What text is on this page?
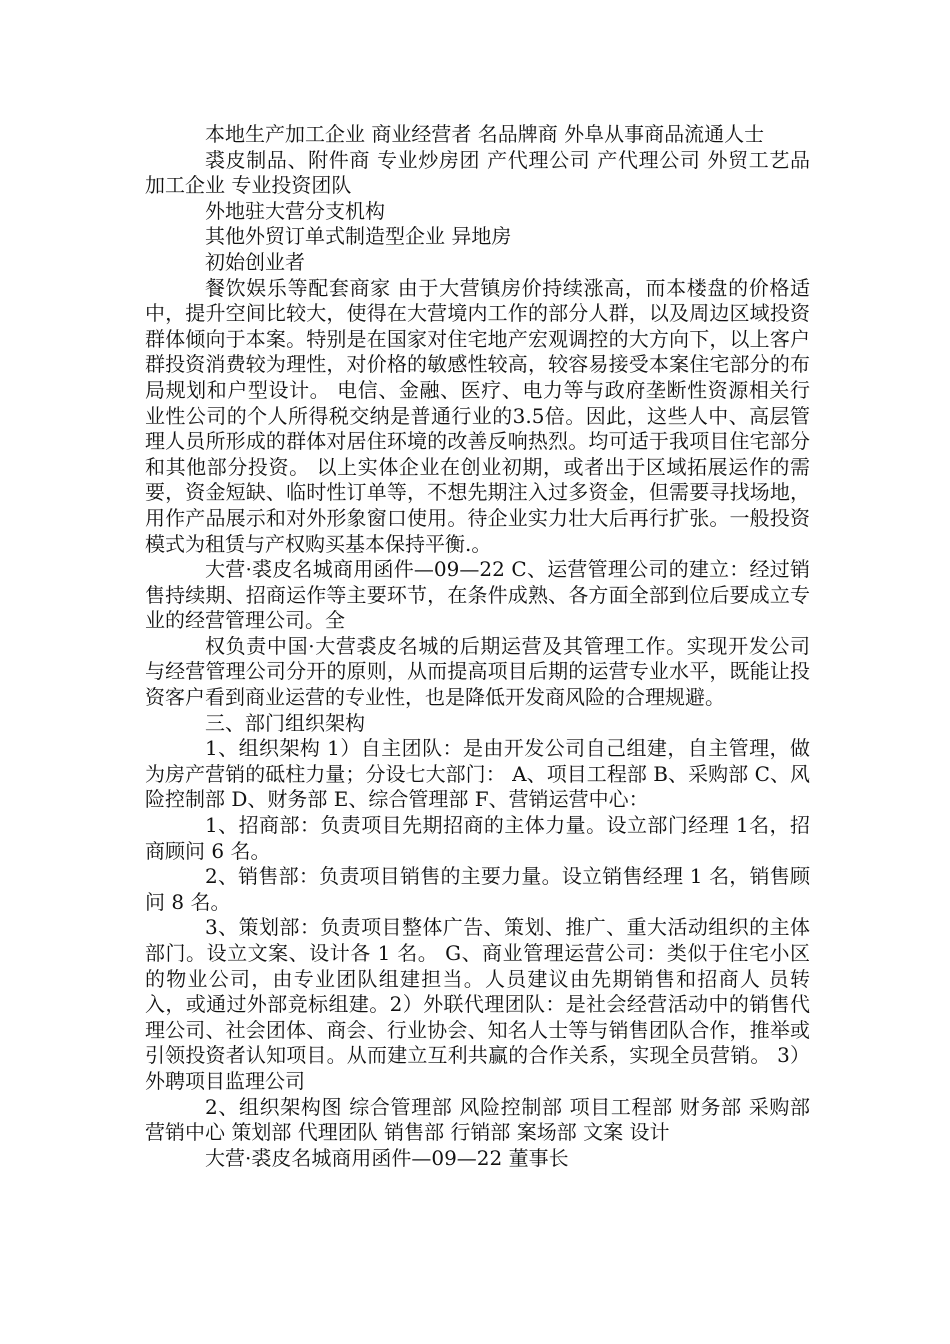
本地生产加工企业 商业经营者 名品牌商 外阜从事商品流通人士

裘皮制品、附件商 专业炒房团 产代理公司 产代理公司 外贸工艺品加工企业 专业投资团队

外地驻大营分支机构

其他外贸订单式制造型企业 异地房

初始创业者

餐饮娱乐等配套商家 由于大营镇房价持续涨高，而本楼盘的价格适中，提升空间比较大，使得在大营境内工作的部分人群，以及周边区域投资群体倾向于本案。特别是在国家对住宅地产宏观调控的大方向下，以上客户群投资消费较为理性，对价格的敏感性较高，较容易接受本案住宅部分的布局规划和户型设计。 电信、金融、医疗、电力等与政府垄断性资源相关行业性公司的个人所得税交纳是普通行业的3.5倍。因此，这些人中、高层管理人员所形成的群体对居住环境的改善反响热烈。均可适于我项目住宅部分和其他部分投资。 以上实体企业在创业初期，或者出于区域拓展运作的需要，资金短缺、临时性订单等，不想先期注入过多资金，但需要寻找场地，用作产品展示和对外形象窗口使用。待企业实力壮大后再行扩张。一般投资模式为租赁与产权购买基本保持平衡.。

大营·裘皮名城商用函件—09—22 C、运营管理公司的建立：经过销售持续期、招商运作等主要环节，在条件成熟、各方面全部到位后要成立专业的经营管理公司。全

权负责中国·大营裘皮名城的后期运营及其管理工作。实现开发公司与经营管理公司分开的原则，从而提高项目后期的运营专业水平，既能让投资客户看到商业运营的专业性，也是降低开发商风险的合理规避。

三、部门组织架构

1、组织架构 1）自主团队：是由开发公司自己组建，自主管理，做为房产营销的砥柱力量；分设七大部门： A、项目工程部 B、采购部 C、风险控制部 D、财务部 E、综合管理部 F、营销运营中心：

1、招商部：负责项目先期招商的主体力量。设立部门经理 1名，招商顾问 6 名。

2、销售部：负责项目销售的主要力量。设立销售经理 1 名，销售顾问 8 名。

3、策划部：负责项目整体广告、策划、推广、重大活动组织的主体部门。设立文案、设计各 1 名。 G、商业管理运营公司：类似于住宅小区的物业公司，由专业团队组建担当。人员建议由先期销售和招商人 员转入，或通过外部竞标组建。2）外联代理团队：是社会经营活动中的销售代理公司、社会团体、商会、行业协会、知名人士等与销售团队合作，推举或引领投资者认知项目。从而建立互利共赢的合作关系，实现全员营销。 3）外聘项目监理公司

2、组织架构图 综合管理部 风险控制部 项目工程部 财务部 采购部 营销中心 策划部 代理团队 销售部 行销部 案场部 文案 设计

大营·裘皮名城商用函件—09—22 董事长
